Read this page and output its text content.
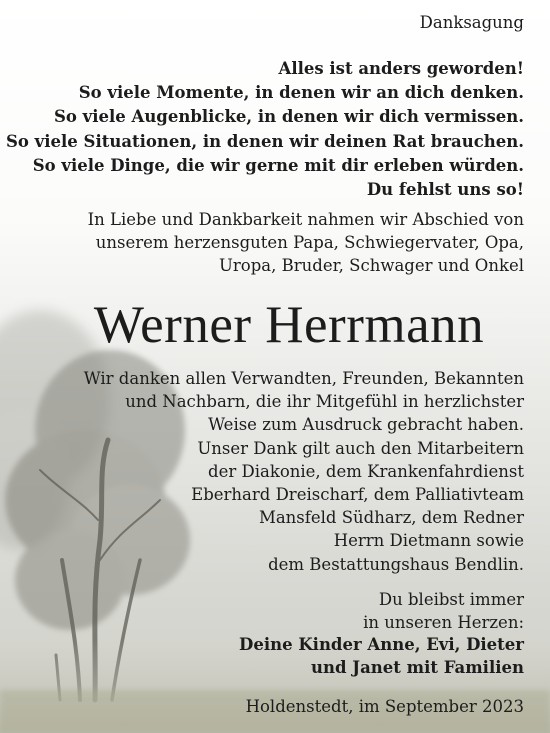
Danksagung
Alles ist anders geworden!
So viele Momente, in denen wir an dich denken.
So viele Augenblicke, in denen wir dich vermissen.
So viele Situationen, in denen wir deinen Rat brauchen.
So viele Dinge, die wir gerne mit dir erleben würden.
Du fehlst uns so!
In Liebe und Dankbarkeit nahmen wir Abschied von
unserem herzensguten Papa, Schwiegervater, Opa,
Uropa, Bruder, Schwager und Onkel
Werner Herrmann
Wir danken allen Verwandten, Freunden, Bekannten
und Nachbarn, die ihr Mitgefühl in herzlichster
Weise zum Ausdruck gebracht haben.
Unser Dank gilt auch den Mitarbeitern
der Diakonie, dem Krankenfahrdienst
Eberhard Dreischarf, dem Palliativteam
Mansfeld Südharz, dem Redner
Herrn Dietmann sowie
dem Bestattungshaus Bendlin.
Du bleibst immer
in unseren Herzen:
Deine Kinder Anne, Evi, Dieter
und Janet mit Familien
Holdenstedt, im September 2023
